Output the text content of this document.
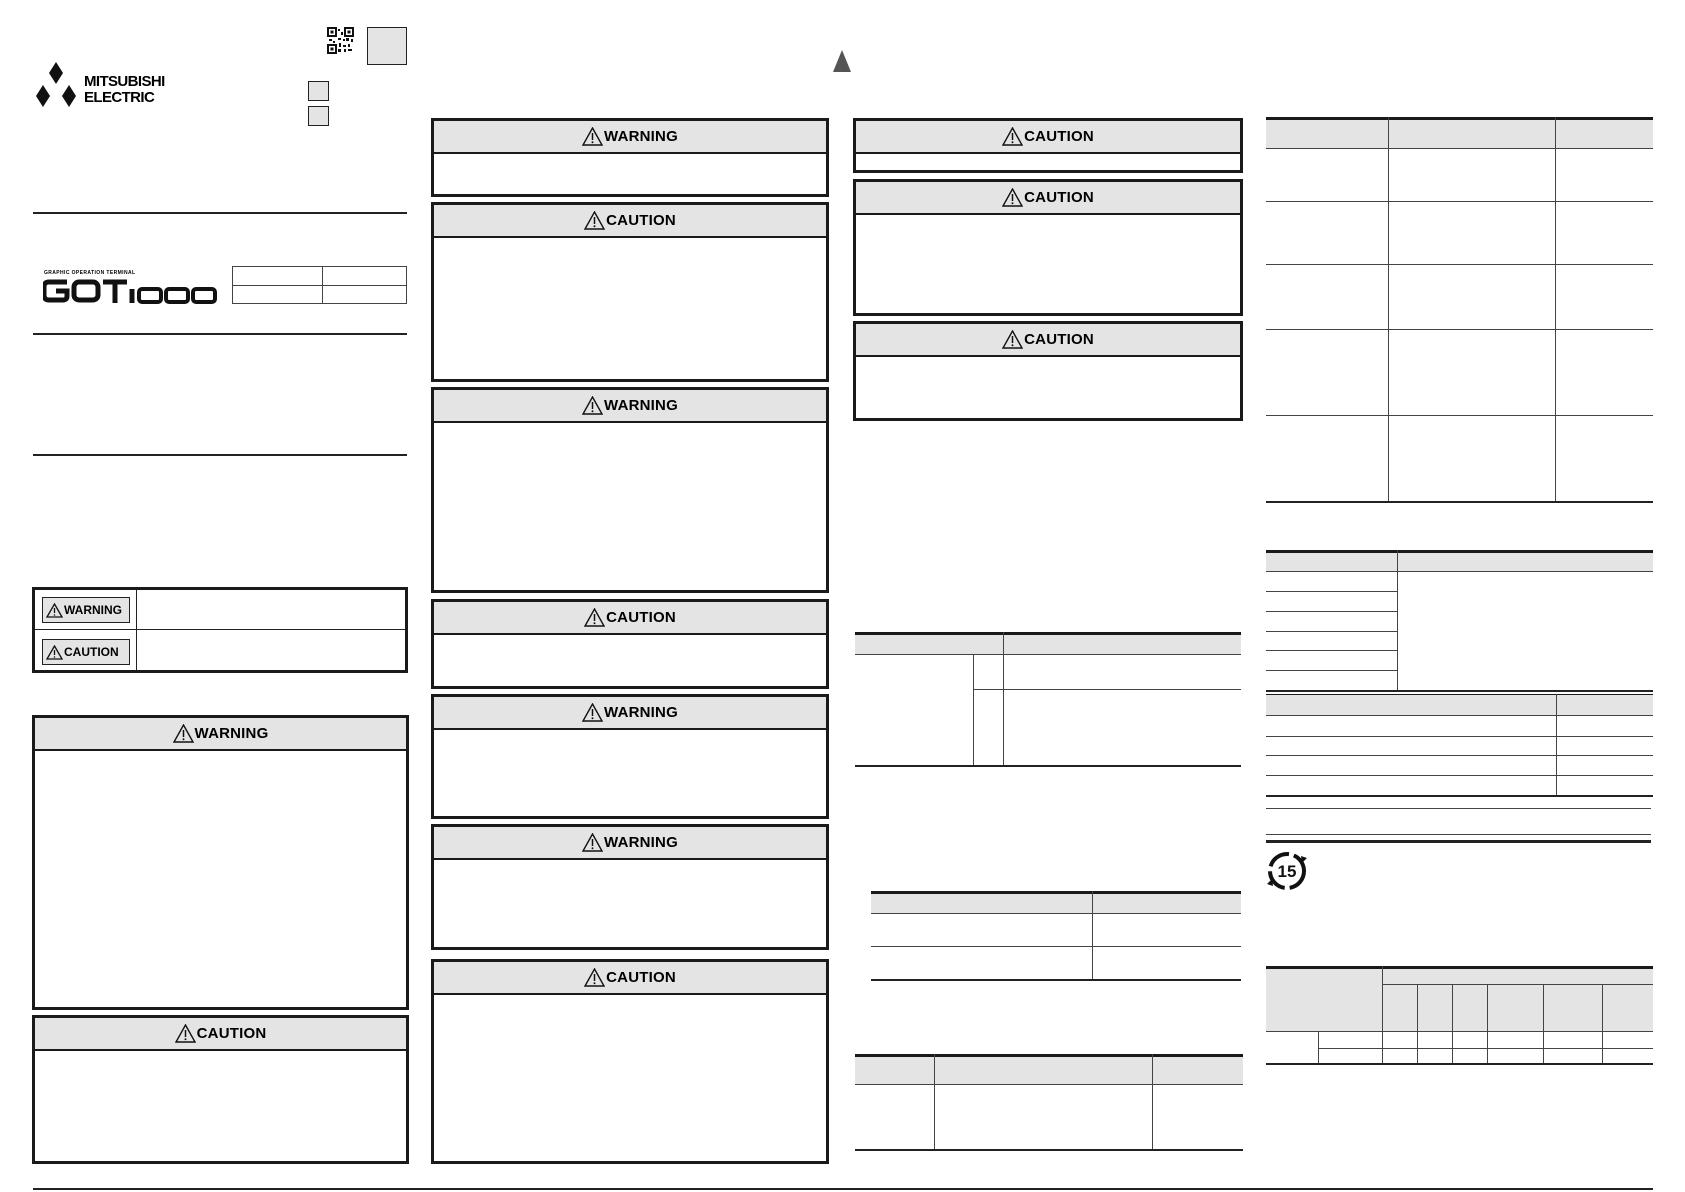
MITSUBISHI
ELECTRIC
GRAPHIC OPERATION TERMINAL
WARNING
CAUTION
WARNING
CAUTION
WARNING
CAUTION
WARNING
CAUTION
WARNING
WARNING
CAUTION
CAUTION
CAUTION
CAUTION
15
